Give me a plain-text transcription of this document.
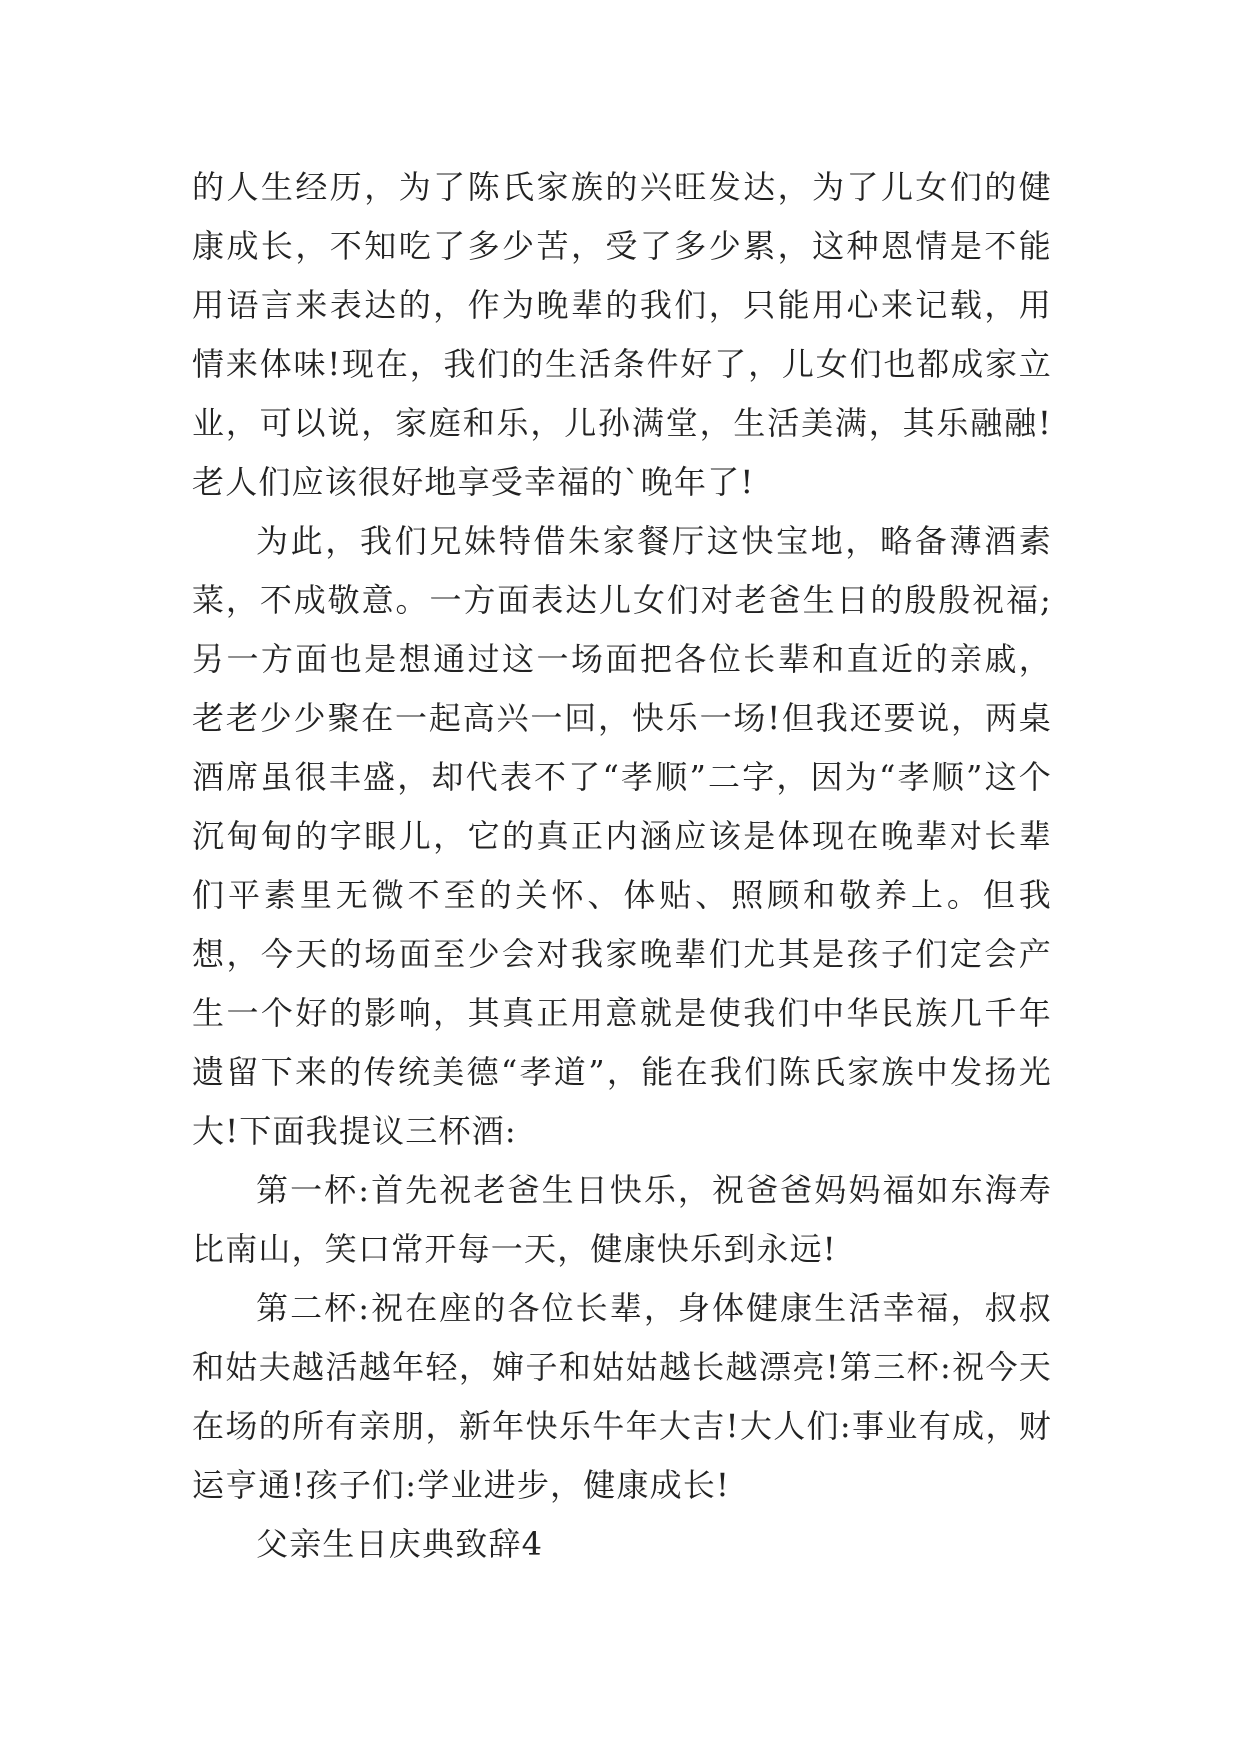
的人生经历，为了陈氏家族的兴旺发达，为了儿女们的健康成长，不知吃了多少苦，受了多少累，这种恩情是不能用语言来表达的，作为晚辈的我们，只能用心来记载，用情来体味!现在，我们的生活条件好了，儿女们也都成家立业，可以说，家庭和乐，儿孙满堂，生活美满，其乐融融!老人们应该很好地享受幸福的`晚年了!

为此，我们兄妹特借朱家餐厅这快宝地，略备薄酒素菜，不成敬意。一方面表达儿女们对老爸生日的殷殷祝福;另一方面也是想通过这一场面把各位长辈和直近的亲戚，老老少少聚在一起高兴一回，快乐一场!但我还要说，两桌酒席虽很丰盛，却代表不了“孝顺”二字，因为“孝顺”这个沉甸甸的字眼儿，它的真正内涵应该是体现在晚辈对长辈们平素里无微不至的关怀、体贴、照顾和敬养上。但我想，今天的场面至少会对我家晚辈们尤其是孩子们定会产生一个好的影响，其真正用意就是使我们中华民族几千年遗留下来的传统美德“孝道”，能在我们陈氏家族中发扬光大!下面我提议三杯酒:

第一杯:首先祝老爸生日快乐，祝爸爸妈妈福如东海寿比南山，笑口常开每一天，健康快乐到永远!

第二杯:祝在座的各位长辈，身体健康生活幸福，叔叔和姑夫越活越年轻，婶子和姑姑越长越漂亮!第三杯:祝今天在场的所有亲朋，新年快乐牛年大吉!大人们:事业有成，财运亨通!孩子们:学业进步，健康成长!

父亲生日庆典致辞4
